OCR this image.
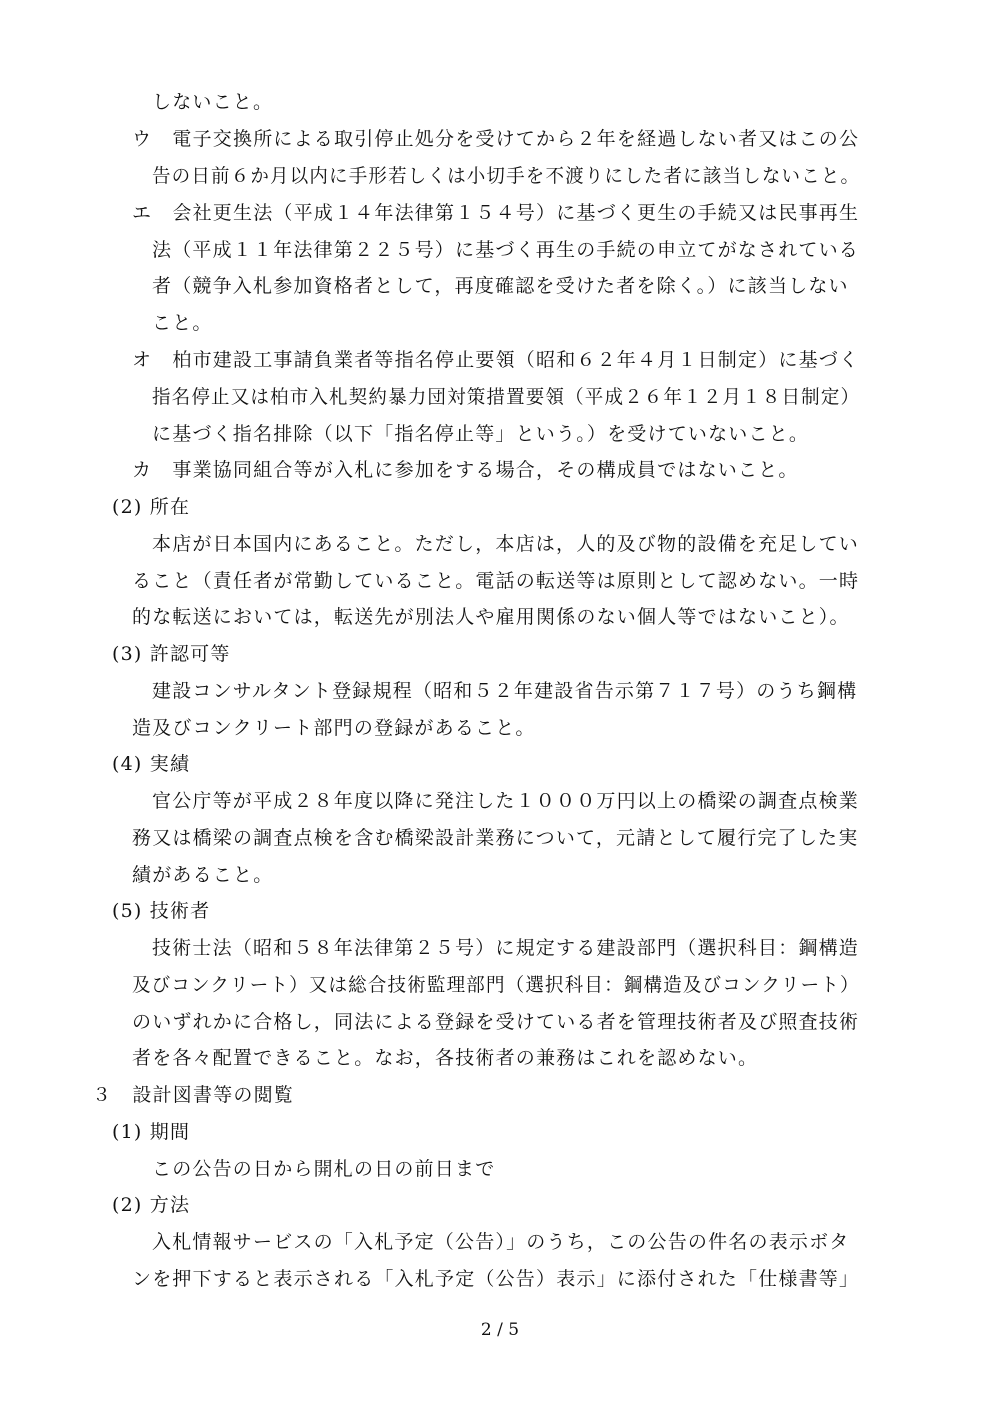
しないこと。
ウ　電子交換所による取引停止処分を受けてから２年を経過しない者又はこの公
告の日前６か月以内に手形若しくは小切手を不渡りにした者に該当しないこと。
エ　会社更生法（平成１４年法律第１５４号）に基づく更生の手続又は民事再生
法（平成１１年法律第２２５号）に基づく再生の手続の申立てがなされている
者（競争入札参加資格者として，再度確認を受けた者を除く。）に該当しない
こと。
オ　柏市建設工事請負業者等指名停止要領（昭和６２年４月１日制定）に基づく
指名停止又は柏市入札契約暴力団対策措置要領（平成２６年１２月１８日制定）
に基づく指名排除（以下「指名停止等」という。）を受けていないこと。
カ　事業協同組合等が入札に参加をする場合，その構成員ではないこと。
(2) 所在
本店が日本国内にあること。ただし，本店は，人的及び物的設備を充足してい
ること（責任者が常勤していること。電話の転送等は原則として認めない。一時
的な転送においては，転送先が別法人や雇用関係のない個人等ではないこと）。
(3) 許認可等
建設コンサルタント登録規程（昭和５２年建設省告示第７１７号）のうち鋼構
造及びコンクリート部門の登録があること。
(4) 実績
官公庁等が平成２８年度以降に発注した１０００万円以上の橋梁の調査点検業
務又は橋梁の調査点検を含む橋梁設計業務について，元請として履行完了した実
績があること。
(5) 技術者
技術士法（昭和５８年法律第２５号）に規定する建設部門（選択科目：鋼構造
及びコンクリート）又は総合技術監理部門（選択科目：鋼構造及びコンクリート）
のいずれかに合格し，同法による登録を受けている者を管理技術者及び照査技術
者を各々配置できること。なお，各技術者の兼務はこれを認めない。
３　設計図書等の閲覧
(1) 期間
この公告の日から開札の日の前日まで
(2) 方法
入札情報サービスの「入札予定（公告）」のうち，この公告の件名の表示ボタ
ンを押下すると表示される「入札予定（公告）表示」に添付された「仕様書等」
2 / 5
